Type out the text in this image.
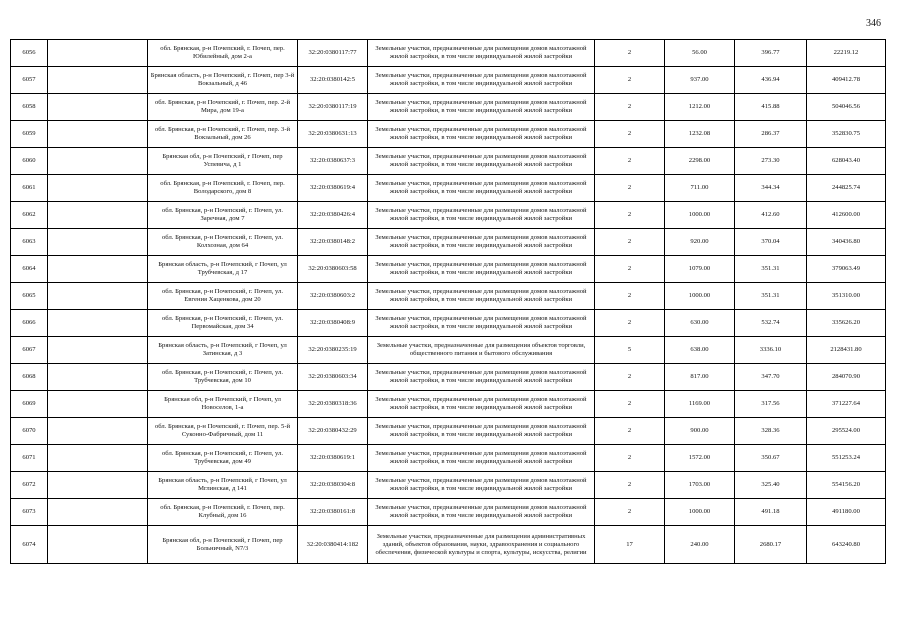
346
6056		обл. Брянская, р-н Почепский, г. Почеп, пер. Юбилейный, дом 2-а	32:20:0380117:77	Земельные участки, предназначенные для размещения домов малоэтажной жилой застройки, в том числе индивидуальной жилой застройки	2	56.00	396.77	22219.12
6057		Брянская область, р-н Почепский, г. Почеп, пер 3-й Вокзальный, д 46	32:20:0380142:5	Земельные участки, предназначенные для размещения домов малоэтажной жилой застройки, в том числе индивидуальной жилой застройки	2	937.00	436.94	409412.78
6058		обл. Брянская, р-н Почепский, г. Почеп, пер. 2-й Мира, дом 19-а	32:20:0380117:19	Земельные участки, предназначенные для размещения домов малоэтажной жилой застройки, в том числе индивидуальной жилой застройки	2	1212.00	415.88	504046.56
6059		обл. Брянская, р-н Почепский, г. Почеп, пер. 3-й Вокзальный, дом 26	32:20:0380631:13	Земельные участки, предназначенные для размещения домов малоэтажной жилой застройки, в том числе индивидуальной жилой застройки	2	1232.08	286.37	352830.75
6060		Брянская обл, р-н Почепский, г Почеп, пер Успевича, д 1	32:20:0380637:3	Земельные участки, предназначенные для размещения домов малоэтажной жилой застройки, в том числе индивидуальной жилой застройки	2	2298.00	273.30	628043.40
6061		обл. Брянская, р-н Почепский, г. Почеп, пер. Володарского, дом 8	32:20:0380619:4	Земельные участки, предназначенные для размещения домов малоэтажной жилой застройки, в том числе индивидуальной жилой застройки	2	711.00	344.34	244825.74
6062		обл. Брянская, р-н Почепский, г. Почеп, ул. Заречная, дом 7	32:20:0380426:4	Земельные участки, предназначенные для размещения домов малоэтажной жилой застройки, в том числе индивидуальной жилой застройки	2	1000.00	412.60	412600.00
6063		обл. Брянская, р-н Почепский, г. Почеп, ул. Колхозная, дом 64	32:20:0380148:2	Земельные участки, предназначенные для размещения домов малоэтажной жилой застройки, в том числе индивидуальной жилой застройки	2	920.00	370.04	340436.80
6064		Брянская область, р-н Почепский, г Почеп, ул Трубчевская, д 17	32:20:0380603:58	Земельные участки, предназначенные для размещения домов малоэтажной жилой застройки, в том числе индивидуальной жилой застройки	2	1079.00	351.31	379063.49
6065		обл. Брянская, р-н Почепский, г. Почеп, ул. Евгения Хаценкова, дом 20	32:20:0380603:2	Земельные участки, предназначенные для размещения домов малоэтажной жилой застройки, в том числе индивидуальной жилой застройки	2	1000.00	351.31	351310.00
6066		обл. Брянская, р-н Почепский, г. Почеп, ул. Первомайская, дом 34	32:20:0380408:9	Земельные участки, предназначенные для размещения домов малоэтажной жилой застройки, в том числе индивидуальной жилой застройки	2	630.00	532.74	335626.20
6067		Брянская область, р-н Почепский, г Почеп, ул Затинская, д 3	32:20:0380235:19	Земельные участки, предназначенные для размещения объектов торговли, общественного питания и бытового обслуживания	5	638.00	3336.10	2128431.80
6068		обл. Брянская, р-н Почепский, г. Почеп, ул. Трубчевская, дом 10	32:20:0380603:34	Земельные участки, предназначенные для размещения домов малоэтажной жилой застройки, в том числе индивидуальной жилой застройки	2	817.00	347.70	284070.90
6069		Брянская обл, р-н Почепский, г Почеп, ул Новоселов, 1-а	32:20:0380318:36	Земельные участки, предназначенные для размещения домов малоэтажной жилой застройки, в том числе индивидуальной жилой застройки	2	1169.00	317.56	371227.64
6070		обл. Брянская, р-н Почепский, г. Почеп, пер. 5-й Суконно-Фабричный, дом 11	32:20:0380432:29	Земельные участки, предназначенные для размещения домов малоэтажной жилой застройки, в том числе индивидуальной жилой застройки	2	900.00	328.36	295524.00
6071		обл. Брянская, р-н Почепский, г. Почеп, ул. Трубчевская, дом 49	32:20:0380619:1	Земельные участки, предназначенные для размещения домов малоэтажной жилой застройки, в том числе индивидуальной жилой застройки	2	1572.00	350.67	551253.24
6072		Брянская область, р-н Почепский, г Почеп, ул Мглинская, д 141	32:20:0380304:8	Земельные участки, предназначенные для размещения домов малоэтажной жилой застройки, в том числе индивидуальной жилой застройки	2	1703.00	325.40	554156.20
6073		обл. Брянская, р-н Почепский, г. Почеп, пер. Клубный, дом 16	32:20:0380161:8	Земельные участки, предназначенные для размещения домов малоэтажной жилой застройки, в том числе индивидуальной жилой застройки	2	1000.00	491.18	491180.00
6074		Брянская обл, р-н Почепский, г Почеп, пер Больничный, N7/3	32:20:0380414:182	Земельные участки, предназначенные для размещения административных зданий, объектов образования, науки, здравоохранения и социального обеспечения, физической культуры и спорта, культуры, искусства, религии	17	240.00	2680.17	643240.80
